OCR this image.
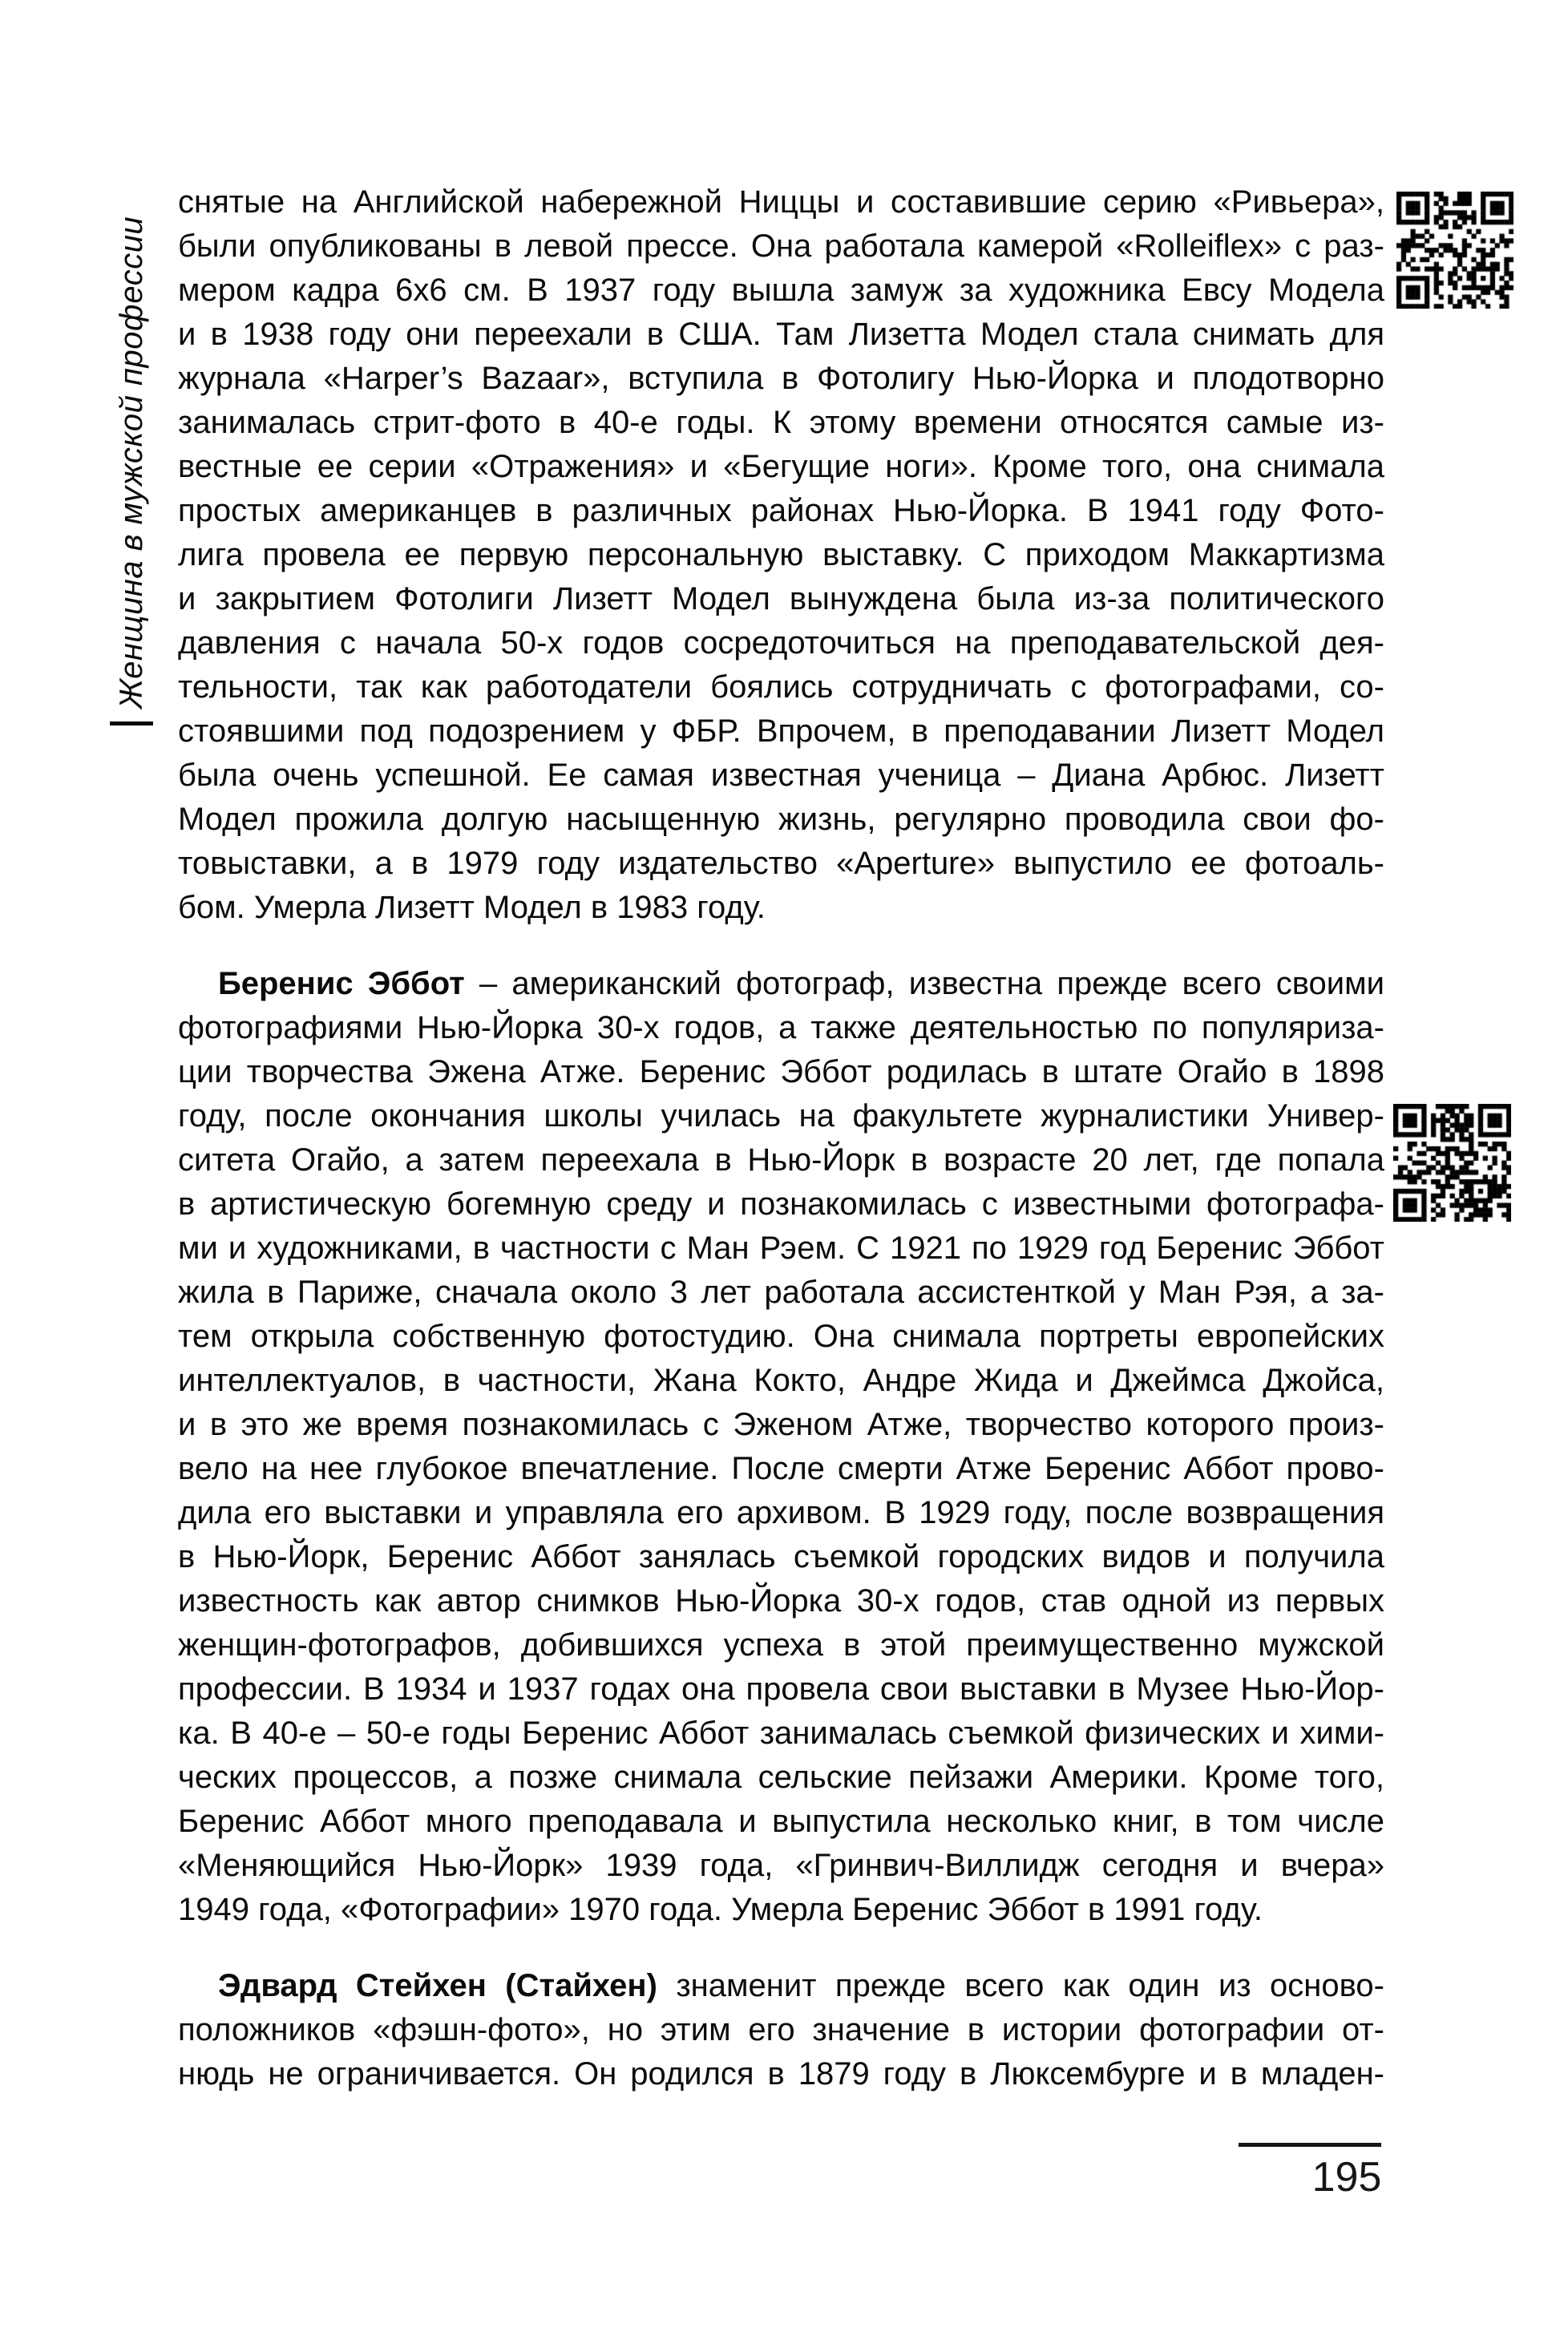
Женщина в мужской профессии
снятые на Английской набережной Ниццы и составившие серию «Ривьера»,
были опубликованы в левой прессе. Она работала камерой «Rolleiflex» с раз-
мером кадра 6х6 см. В 1937 году вышла замуж за художника Евсу Модела
и в 1938 году они переехали в США. Там Лизетта Модел стала снимать для
журнала «Harper’s Bazaar», вступила в Фотолигу Нью-Йорка и плодотворно
занималась стрит-фото в 40-е годы. К этому времени относятся самые из-
вестные ее серии «Отражения» и «Бегущие ноги». Кроме того, она снимала
простых американцев в различных районах Нью-Йорка. В 1941 году Фото-
лига провела ее первую персональную выставку. С приходом Маккартизма
и закрытием Фотолиги Лизетт Модел вынуждена была из-за политического
давления с начала 50-х годов сосредоточиться на преподавательской дея-
тельности, так как работодатели боялись сотрудничать с фотографами, со-
стоявшими под подозрением у ФБР. Впрочем, в преподавании Лизетт Модел
была очень успешной. Ее самая известная ученица – Диана Арбюс. Лизетт
Модел прожила долгую насыщенную жизнь, регулярно проводила свои фо-
товыставки, а в 1979 году издательство «Aperture» выпустило ее фотоаль-
бом. Умерла Лизетт Модел в 1983 году.
Беренис Эббот – американский фотограф, известна прежде всего своими
фотографиями Нью-Йорка 30-х годов, а также деятельностью по популяриза-
ции творчества Эжена Атже. Беренис Эббот родилась в штате Огайо в 1898
году, после окончания школы училась на факультете журналистики Универ-
ситета Огайо, а затем переехала в Нью-Йорк в возрасте 20 лет, где попала
в артистическую богемную среду и познакомилась с известными фотографа-
ми и художниками, в частности с Ман Рэем. С 1921 по 1929 год Беренис Эббот
жила в Париже, сначала около 3 лет работала ассистенткой у Ман Рэя, а за-
тем открыла собственную фотостудию. Она снимала портреты европейских
интеллектуалов, в частности, Жана Кокто, Андре Жида и Джеймса Джойса,
и в это же время познакомилась с Эженом Атже, творчество которого произ-
вело на нее глубокое впечатление. После смерти Атже Беренис Аббот прово-
дила его выставки и управляла его архивом. В 1929 году, после возвращения
в Нью-Йорк, Беренис Аббот занялась съемкой городских видов и получила
известность как автор снимков Нью-Йорка 30-х годов, став одной из первых
женщин-фотографов, добившихся успеха в этой преимущественно мужской
профессии. В 1934 и 1937 годах она провела свои выставки в Музее Нью-Йор-
ка. В 40-е – 50-е годы Беренис Аббот занималась съемкой физических и хими-
ческих процессов, а позже снимала сельские пейзажи Америки. Кроме того,
Беренис Аббот много преподавала и выпустила несколько книг, в том числе
«Меняющийся Нью-Йорк» 1939 года, «Гринвич-Виллидж сегодня и вчера»
1949 года, «Фотографии» 1970 года. Умерла Беренис Эббот в 1991 году.
Эдвард Стейхен (Стайхен) знаменит прежде всего как один из осново-
положников «фэшн-фото», но этим его значение в истории фотографии от-
нюдь не ограничивается. Он родился в 1879 году в Люксембурге и в младен-
195
